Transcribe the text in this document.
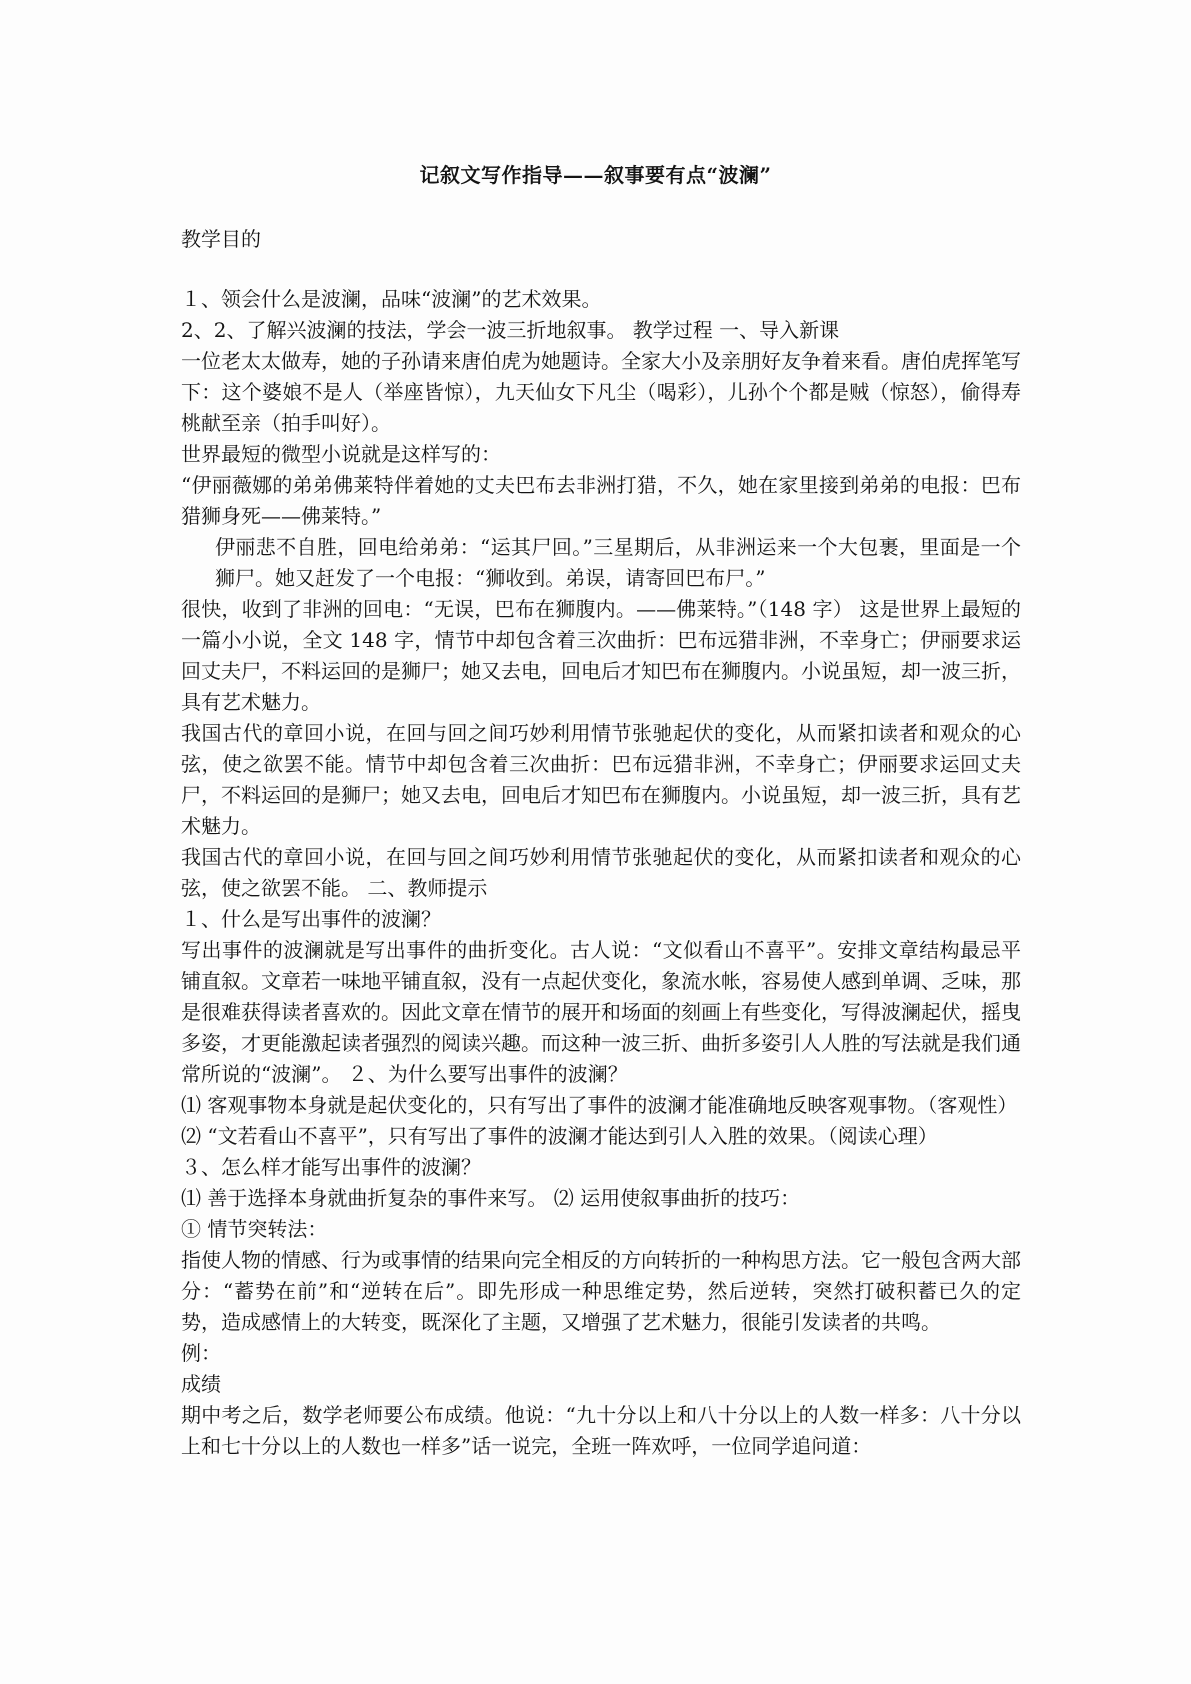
记叙文写作指导——叙事要有点“波澜”
教学目的

１、领会什么是波澜，品味“波澜”的艺术效果。

2、2、了解兴波澜的技法，学会一波三折地叙事。 教学过程 一、导入新课

一位老太太做寿，她的子孙请来唐伯虎为她题诗。全家大小及亲朋好友争着来看。唐伯虎挥笔写下：这个婆娘不是人（举座皆惊），九天仙女下凡尘（喝彩），儿孙个个都是贼（惊怒），偷得寿桃献至亲（拍手叫好）。

世界最短的微型小说就是这样写的：

“伊丽薇娜的弟弟佛莱特伴着她的丈夫巴布去非洲打猎，不久，她在家里接到弟弟的电报：巴布猎狮身死——佛莱特。”

伊丽悲不自胜，回电给弟弟：“运其尸回。”三星期后，从非洲运来一个大包裹，里面是一个狮尸。她又赶发了一个电报：“狮收到。弟误，请寄回巴布尸。”

很快，收到了非洲的回电：“无误，巴布在狮腹内。——佛莱特。”（148 字） 这是世界上最短的一篇小小说，全文 148 字，情节中却包含着三次曲折：巴布远猎非洲，不幸身亡；伊丽要求运回丈夫尸，不料运回的是狮尸；她又去电，回电后才知巴布在狮腹内。小说虽短，却一波三折，具有艺术魅力。

我国古代的章回小说，在回与回之间巧妙利用情节张驰起伏的变化，从而紧扣读者和观众的心弦，使之欲罢不能。情节中却包含着三次曲折：巴布远猎非洲，不幸身亡；伊丽要求运回丈夫尸，不料运回的是狮尸；她又去电，回电后才知巴布在狮腹内。小说虽短，却一波三折，具有艺术魅力。

我国古代的章回小说，在回与回之间巧妙利用情节张驰起伏的变化，从而紧扣读者和观众的心弦，使之欲罢不能。 二、教师提示

１、什么是写出事件的波澜？

写出事件的波澜就是写出事件的曲折变化。古人说：“文似看山不喜平”。安排文章结构最忌平铺直叙。文章若一味地平铺直叙，没有一点起伏变化，象流水帐，容易使人感到单调、乏味，那是很难获得读者喜欢的。因此文章在情节的展开和场面的刻画上有些变化，写得波澜起伏，摇曳多姿，才更能激起读者强烈的阅读兴趣。而这种一波三折、曲折多姿引人人胜的写法就是我们通常所说的“波澜”。 ２、为什么要写出事件的波澜？

⑴ 客观事物本身就是起伏变化的，只有写出了事件的波澜才能准确地反映客观事物。（客观性）

⑵ “文若看山不喜平”，只有写出了事件的波澜才能达到引人入胜的效果。（阅读心理）

３、怎么样才能写出事件的波澜？

⑴ 善于选择本身就曲折复杂的事件来写。 ⑵ 运用使叙事曲折的技巧：

① 情节突转法：

指使人物的情感、行为或事情的结果向完全相反的方向转折的一种构思方法。它一般包含两大部分：“蓄势在前”和“逆转在后”。即先形成一种思维定势，然后逆转，突然打破积蓄已久的定势，造成感情上的大转变，既深化了主题，又增强了艺术魅力，很能引发读者的共鸣。

例：

成绩

期中考之后，数学老师要公布成绩。他说：“九十分以上和八十分以上的人数一样多：八十分以上和七十分以上的人数也一样多”话一说完，全班一阵欢呼，一位同学追问道：
